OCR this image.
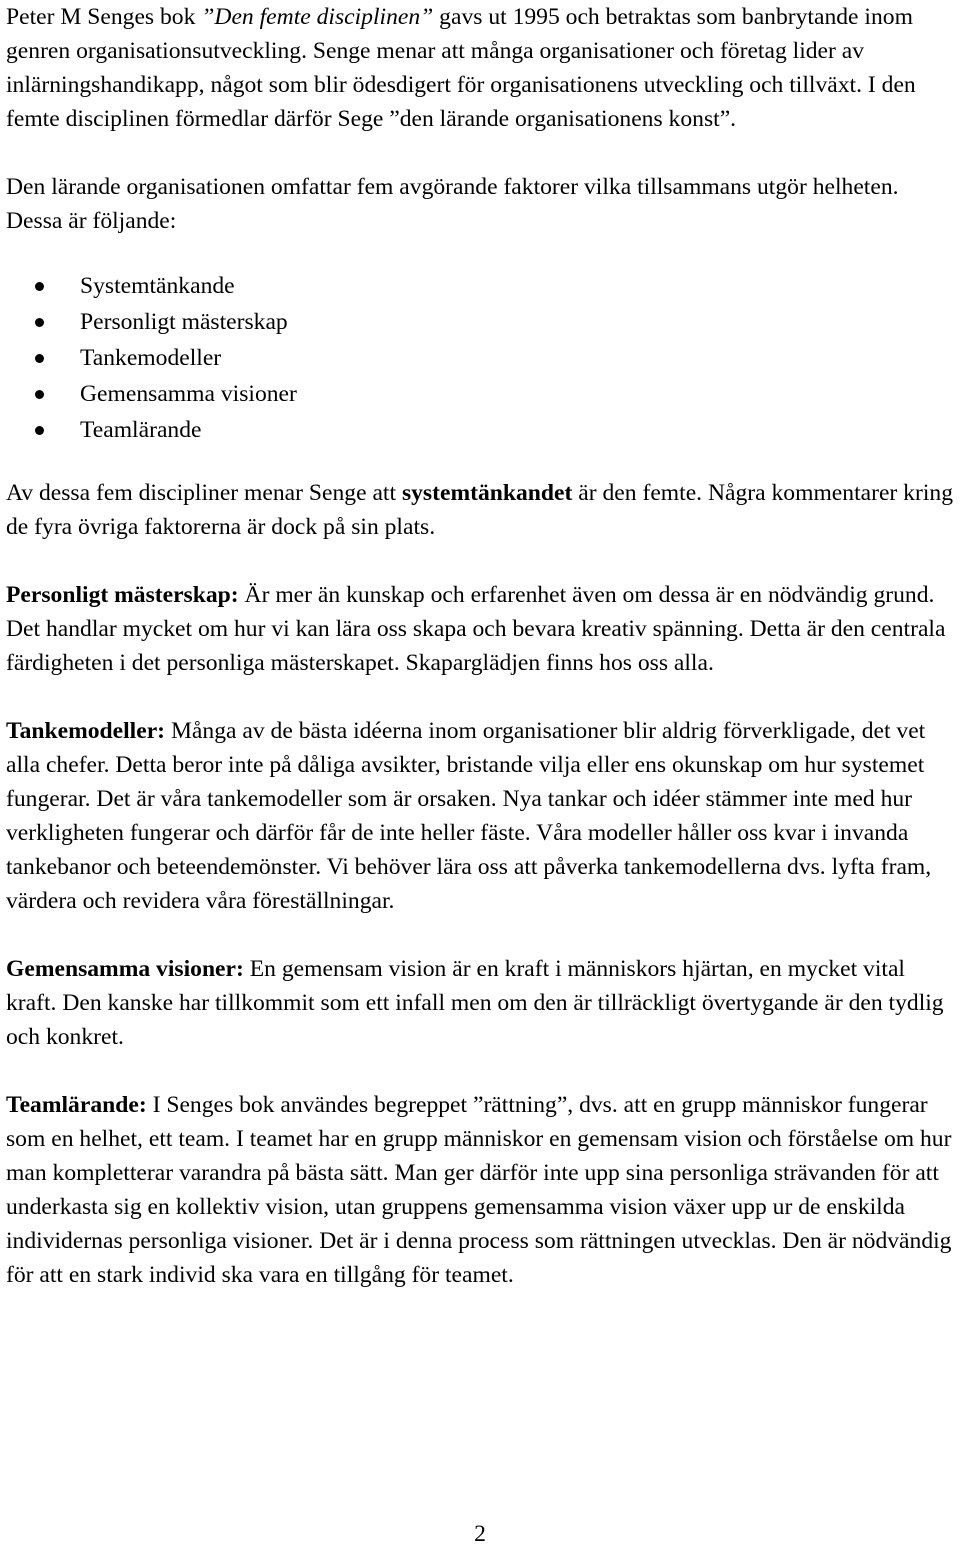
Peter M Senges bok ”Den femte disciplinen” gavs ut 1995 och betraktas som banbrytande inom genren organisationsutveckling. Senge menar att många organisationer och företag lider av inlärningshandikapp, något som blir ödesdigert för organisationens utveckling och tillväxt. I den femte disciplinen förmedlar därför Sege ”den lärande organisationens konst”.

Den lärande organisationen omfattar fem avgörande faktorer vilka tillsammans utgör helheten. Dessa är följande:

Systemtänkande
Personligt mästerskap
Tankemodeller
Gemensamma visioner
Teamlärande

Av dessa fem discipliner menar Senge att systemtänkandet är den femte. Några kommentarer kring de fyra övriga faktorerna är dock på sin plats.

Personligt mästerskap: Är mer än kunskap och erfarenhet även om dessa är en nödvändig grund. Det handlar mycket om hur vi kan lära oss skapa och bevara kreativ spänning. Detta är den centrala färdigheten i det personliga mästerskapet. Skaparglädjen finns hos oss alla.

Tankemodeller: Många av de bästa idéerna inom organisationer blir aldrig förverkligade, det vet alla chefer. Detta beror inte på dåliga avsikter, bristande vilja eller ens okunskap om hur systemet fungerar. Det är våra tankemodeller som är orsaken. Nya tankar och idéer stämmer inte med hur verkligheten fungerar och därför får de inte heller fäste. Våra modeller håller oss kvar i invanda tankebanor och beteendemönster. Vi behöver lära oss att påverka tankemodellerna dvs. lyfta fram, värdera och revidera våra föreställningar.

Gemensamma visioner: En gemensam vision är en kraft i människors hjärtan, en mycket vital kraft. Den kanske har tillkommit som ett infall men om den är tillräckligt övertygande är den tydlig och konkret.

Teamlärande: I Senges bok användes begreppet ”rättning”, dvs. att en grupp människor fungerar som en helhet, ett team. I teamet har en grupp människor en gemensam vision och förståelse om hur man kompletterar varandra på bästa sätt. Man ger därför inte upp sina personliga strävanden för att underkasta sig en kollektiv vision, utan gruppens gemensamma vision växer upp ur de enskilda individernas personliga visioner. Det är i denna process som rättningen utvecklas. Den är nödvändig för att en stark individ ska vara en tillgång för teamet.

2
